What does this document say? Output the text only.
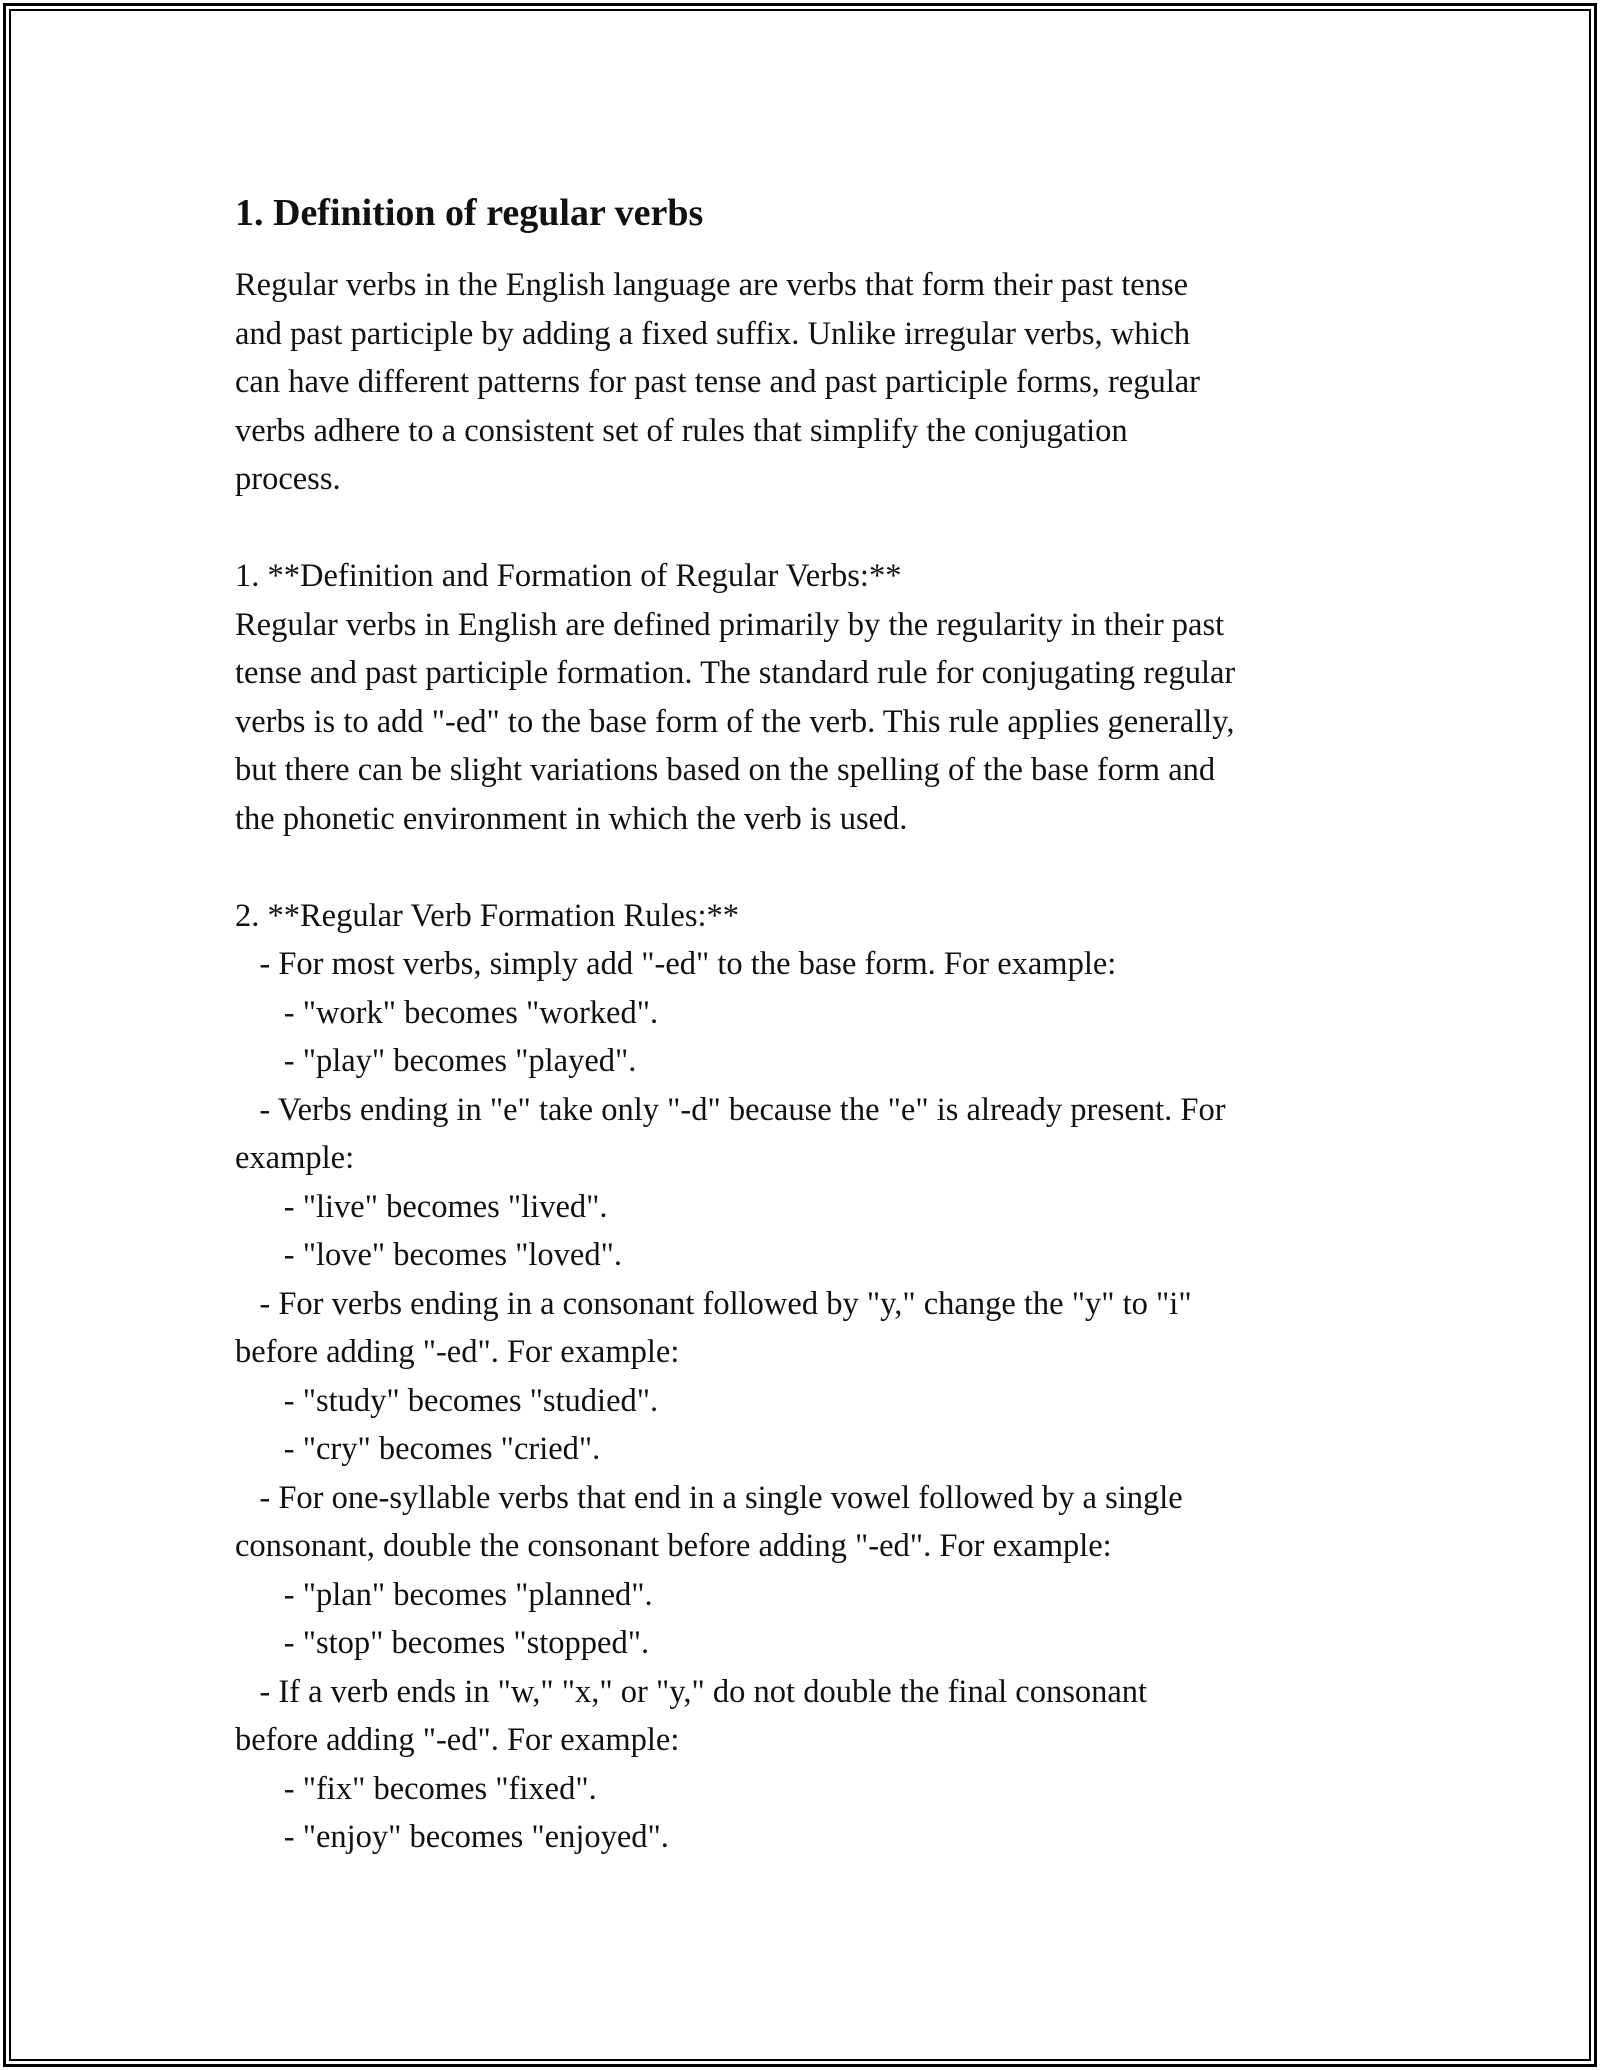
1. Definition of regular verbs

Regular verbs in the English language are verbs that form their past tense
and past participle by adding a fixed suffix. Unlike irregular verbs, which
can have different patterns for past tense and past participle forms, regular
verbs adhere to a consistent set of rules that simplify the conjugation
process.

1. **Definition and Formation of Regular Verbs:**

Regular verbs in English are defined primarily by the regularity in their past
tense and past participle formation. The standard rule for conjugating regular
verbs is to add "-ed" to the base form of the verb. This rule applies generally,
but there can be slight variations based on the spelling of the base form and
the phonetic environment in which the verb is used.

2. **Regular Verb Formation Rules:**

- For most verbs, simply add "-ed" to the base form. For example:

- "work" becomes "worked".

- "play" becomes "played".

- Verbs ending in "e" take only "-d" because the "e" is already present. For
example:

- "live" becomes "lived".

- "love" becomes "loved".

- For verbs ending in a consonant followed by "y," change the "y" to "i"
before adding "-ed". For example:

- "study" becomes "studied".

- "cry" becomes "cried".

- For one-syllable verbs that end in a single vowel followed by a single
consonant, double the consonant before adding "-ed". For example:

- "plan" becomes "planned".

- "stop" becomes "stopped".

- If a verb ends in "w," "x," or "y," do not double the final consonant
before adding "-ed". For example:

- "fix" becomes "fixed".

- "enjoy" becomes "enjoyed".
